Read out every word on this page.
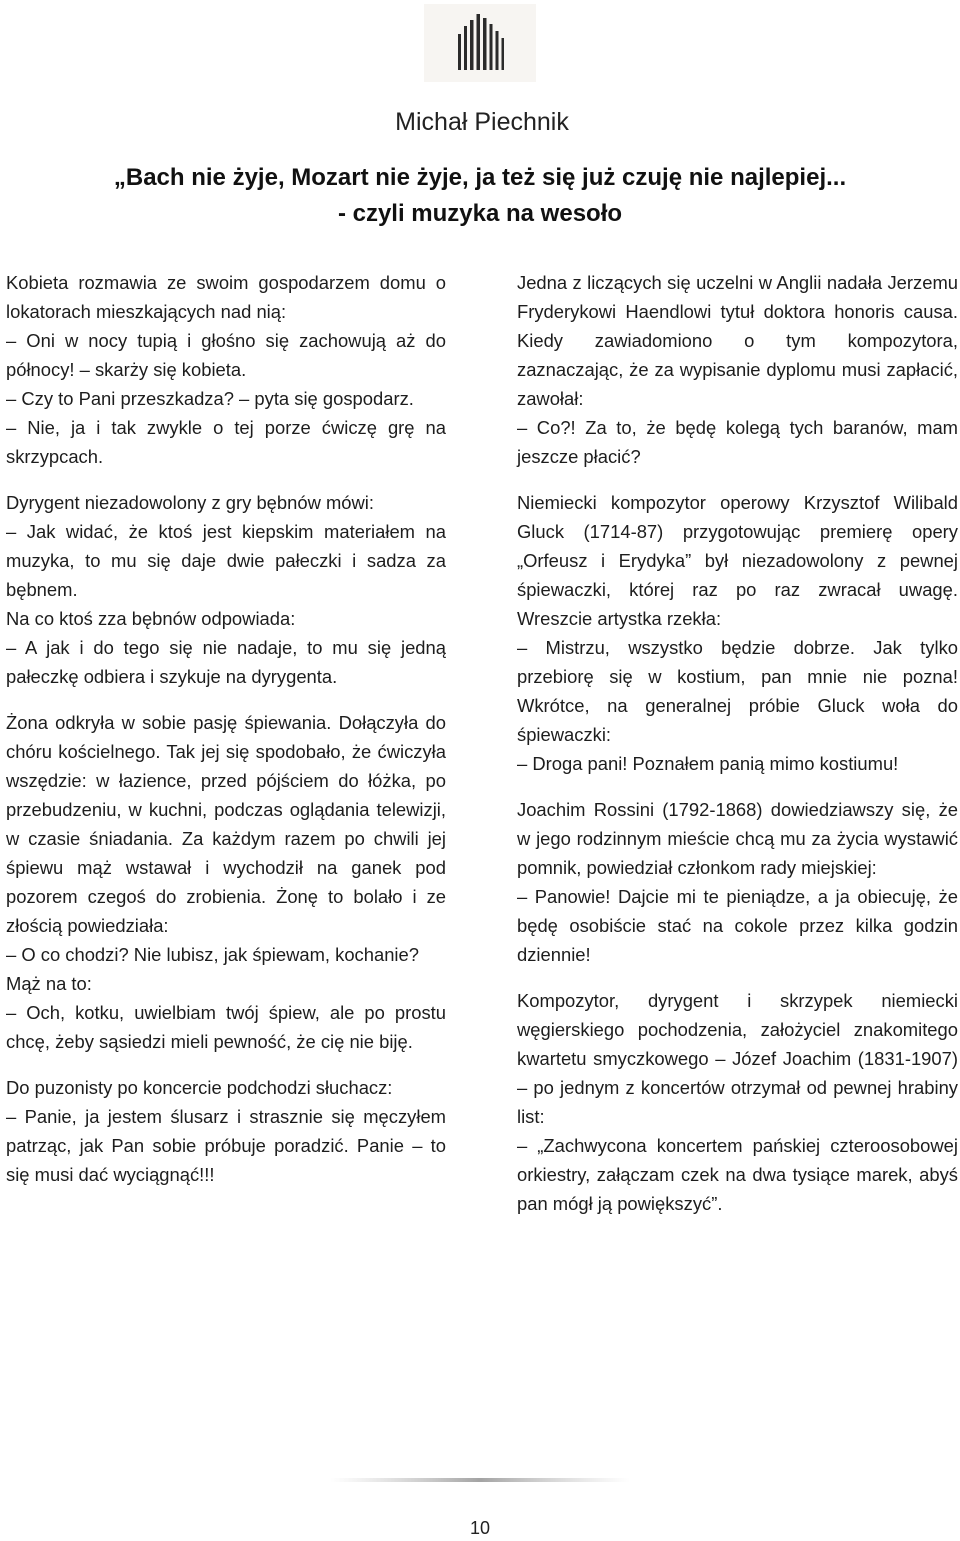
Michał Piechnik
„Bach nie żyje, Mozart nie żyje, ja też się już czuję nie najlepiej...
- czyli muzyka na wesoło

Kobieta rozmawia ze swoim gospodarzem domu o lokatorach mieszkających nad nią:

– Oni w nocy tupią i głośno się zachowują aż do północy! – skarży się kobieta.

– Czy to Pani przeszkadza? – pyta się gospodarz.

– Nie, ja i tak zwykle o tej porze ćwiczę grę na skrzypcach.

Dyrygent niezadowolony z gry bębnów mówi:

– Jak widać, że ktoś jest kiepskim materiałem na muzyka, to mu się daje dwie pałeczki i sadza za bębnem.

Na co ktoś zza bębnów odpowiada:

– A jak i do tego się nie nadaje, to mu się jedną pałeczkę odbiera i szykuje na dyrygenta.

Żona odkryła w sobie pasję śpiewania. Dołączyła do chóru kościelnego. Tak jej się spodobało, że ćwiczyła wszędzie: w łazience, przed pójściem do łóżka, po przebudzeniu, w kuchni, podczas oglądania telewizji, w czasie śniadania. Za każdym razem po chwili jej śpiewu mąż wstawał i wychodził na ganek pod pozorem czegoś do zrobienia. Żonę to bolało i ze złością powiedziała:

– O co chodzi? Nie lubisz, jak śpiewam, kochanie?

Mąż na to:

– Och, kotku, uwielbiam twój śpiew, ale po prostu chcę, żeby sąsiedzi mieli pewność, że cię nie biję.

Do puzonisty po koncercie podchodzi słuchacz:

– Panie, ja jestem ślusarz i strasznie się męczyłem patrząc, jak Pan sobie próbuje poradzić. Panie – to się musi dać wyciągnąć!!!

Jedna z liczących się uczelni w Anglii nadała Jerzemu Fryderykowi Haendlowi tytuł doktora honoris causa. Kiedy zawiadomiono o tym kompozytora, zaznaczając, że za wypisanie dyplomu musi zapłacić, zawołał:

– Co?! Za to, że będę kolegą tych baranów, mam jeszcze płacić?

Niemiecki kompozytor operowy Krzysztof Wilibald Gluck (1714-87) przygotowując premierę opery „Orfeusz i Erydyka” był niezadowolony z pewnej śpiewaczki, której raz po raz zwracał uwagę. Wreszcie artystka rzekła:

– Mistrzu, wszystko będzie dobrze. Jak tylko przebiorę się w kostium, pan mnie nie pozna! Wkrótce, na generalnej próbie Gluck woła do śpiewaczki:

– Droga pani! Poznałem panią mimo kostiumu!

Joachim Rossini (1792-1868) dowiedziawszy się, że w jego rodzinnym mieście chcą mu za życia wystawić pomnik, powiedział członkom rady miejskiej:

– Panowie! Dajcie mi te pieniądze, a ja obiecuję, że będę osobiście stać na cokole przez kilka godzin dziennie!

Kompozytor, dyrygent i skrzypek niemiecki węgierskiego pochodzenia, założyciel znakomitego kwartetu smyczkowego – Józef Joachim (1831-1907) – po jednym z koncertów otrzymał od pewnej hrabiny list:

– „Zachwycona koncertem pańskiej czteroosobowej orkiestry, załączam czek na dwa tysiące marek, abyś pan mógł ją powiększyć”.

10
